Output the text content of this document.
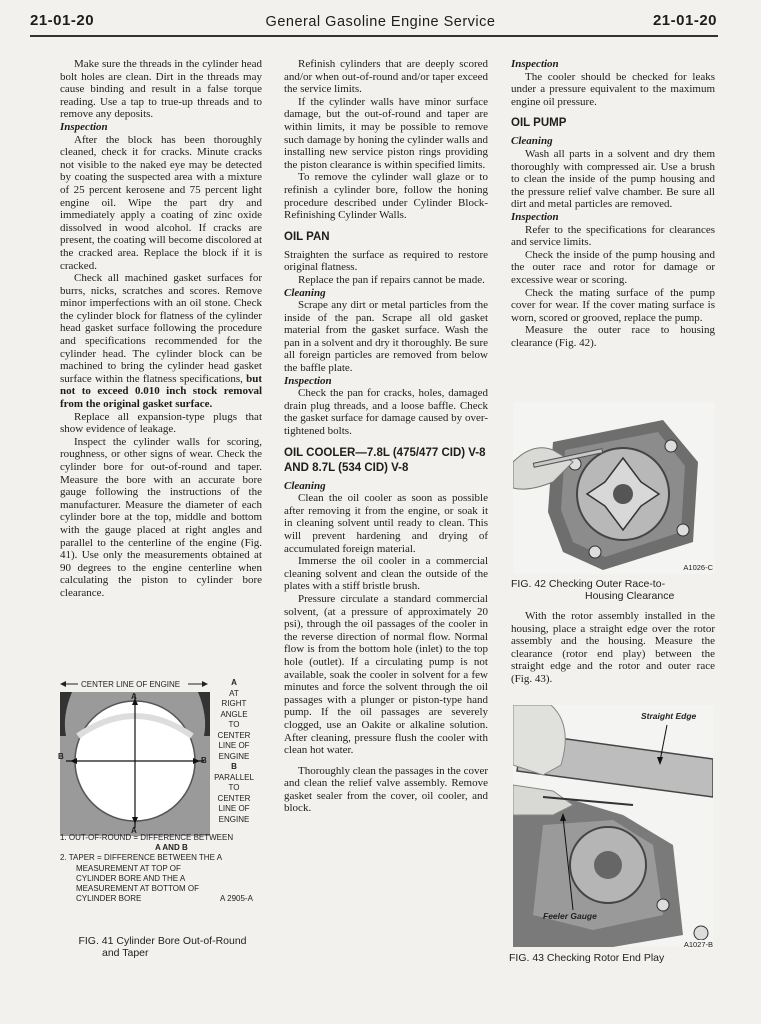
21-01-20	General Gasoline Engine Service	21-01-20

Make sure the threads in the cylinder head bolt holes are clean. Dirt in the threads may cause binding and result in a false torque reading. Use a tap to true-up threads and to remove any deposits.

Inspection

After the block has been thoroughly cleaned, check it for cracks. Minute cracks not visible to the naked eye may be detected by coating the suspected area with a mixture of 25 percent kerosene and 75 percent light engine oil. Wipe the part dry and immediately apply a coating of zinc oxide dissolved in wood alcohol. If cracks are present, the coating will become discolored at the cracked area. Replace the block if it is cracked.

Check all machined gasket surfaces for burrs, nicks, scratches and scores. Remove minor imperfections with an oil stone. Check the cylinder block for flatness of the cylinder head gasket surface following the procedure and specifications recommended for the cylinder head. The cylinder block can be machined to bring the cylinder head gasket surface within the flatness specifications, but not to exceed 0.010 inch stock removal from the original gasket surface.

Replace all expansion-type plugs that show evidence of leakage.

Inspect the cylinder walls for scoring, roughness, or other signs of wear. Check the cylinder bore for out-of-round and taper. Measure the bore with an accurate bore gauge following the instructions of the manufacturer. Measure the diameter of each cylinder bore at the top, middle and bottom with the gauge placed at right angles and parallel to the centerline of the engine (Fig. 41). Use only the measurements obtained at 90 degrees to the engine centerline when calculating the piston to cylinder bore clearance.

CENTER LINE OF ENGINE
A
A
B	B
A
AT
RIGHT
ANGLE
TO
CENTER
LINE OF
ENGINE
B
PARALLEL
TO
CENTER
LINE OF
ENGINE
1. OUT-OF-ROUND = DIFFERENCE BETWEEN
A AND B
2. TAPER = DIFFERENCE BETWEEN THE A
MEASUREMENT AT TOP OF
CYLINDER BORE AND THE A
MEASUREMENT AT BOTTOM OF
CYLINDER BORE	A 2905-A
FIG. 41 Cylinder Bore Out-of-Round
and Taper

Refinish cylinders that are deeply scored and/or when out-of-round and/or taper exceed the service limits.

If the cylinder walls have minor surface damage, but the out-of-round and taper are within limits, it may be possible to remove such damage by honing the cylinder walls and installing new service piston rings providing the piston clearance is within specified limits.

To remove the cylinder wall glaze or to refinish a cylinder bore, follow the honing procedure described under Cylinder Block-Refinishing Cylinder Walls.

OIL PAN

Straighten the surface as required to restore original flatness.

Replace the pan if repairs cannot be made.

Cleaning

Scrape any dirt or metal particles from the inside of the pan. Scrape all old gasket material from the gasket surface. Wash the pan in a solvent and dry it thoroughly. Be sure all foreign particles are removed from below the baffle plate.

Inspection

Check the pan for cracks, holes, damaged drain plug threads, and a loose baffle. Check the gasket surface for damage caused by over-tightened bolts.

OIL COOLER—7.8L (475/477 CID) V-8 AND 8.7L (534 CID) V-8
Cleaning

Clean the oil cooler as soon as possible after removing it from the engine, or soak it in cleaning solvent until ready to clean. This will prevent hardening and drying of accumulated foreign material.

Immerse the oil cooler in a commercial cleaning solvent and clean the outside of the plates with a stiff bristle brush.

Pressure circulate a standard commercial solvent, (at a pressure of approximately 20 psi), through the oil passages of the cooler in the reverse direction of normal flow. Normal flow is from the bottom hole (inlet) to the top hole (outlet). If a circulating pump is not available, soak the cooler in solvent for a few minutes and force the solvent through the oil passages with a plunger or piston-type hand pump. If the oil passages are severely clogged, use an Oakite or alkaline solution. After cleaning, pressure flush the cooler with clean hot water.

Thoroughly clean the passages in the cover and clean the relief valve assembly. Remove gasket sealer from the cover, oil cooler, and block.

Inspection

The cooler should be checked for leaks under a pressure equivalent to the maximum engine oil pressure.

OIL PUMP
Cleaning

Wash all parts in a solvent and dry them thoroughly with compressed air. Use a brush to clean the inside of the pump housing and the pressure relief valve chamber. Be sure all dirt and metal particles are removed.

Inspection

Refer to the specifications for clearances and service limits.

Check the inside of the pump housing and the outer race and rotor for damage or excessive wear or scoring.

Check the mating surface of the pump cover for wear. If the cover mating surface is worn, scored or grooved, replace the pump.

Measure the outer race to housing clearance (Fig. 42).

A1026-C
FIG. 42 Checking Outer Race-to-
Housing Clearance

With the rotor assembly installed in the housing, place a straight edge over the rotor assembly and the housing. Measure the clearance (rotor end play) between the straight edge and the rotor and outer race (Fig. 43).

Straight Edge
Feeler Gauge
A1027-B
FIG. 43 Checking Rotor End Play
